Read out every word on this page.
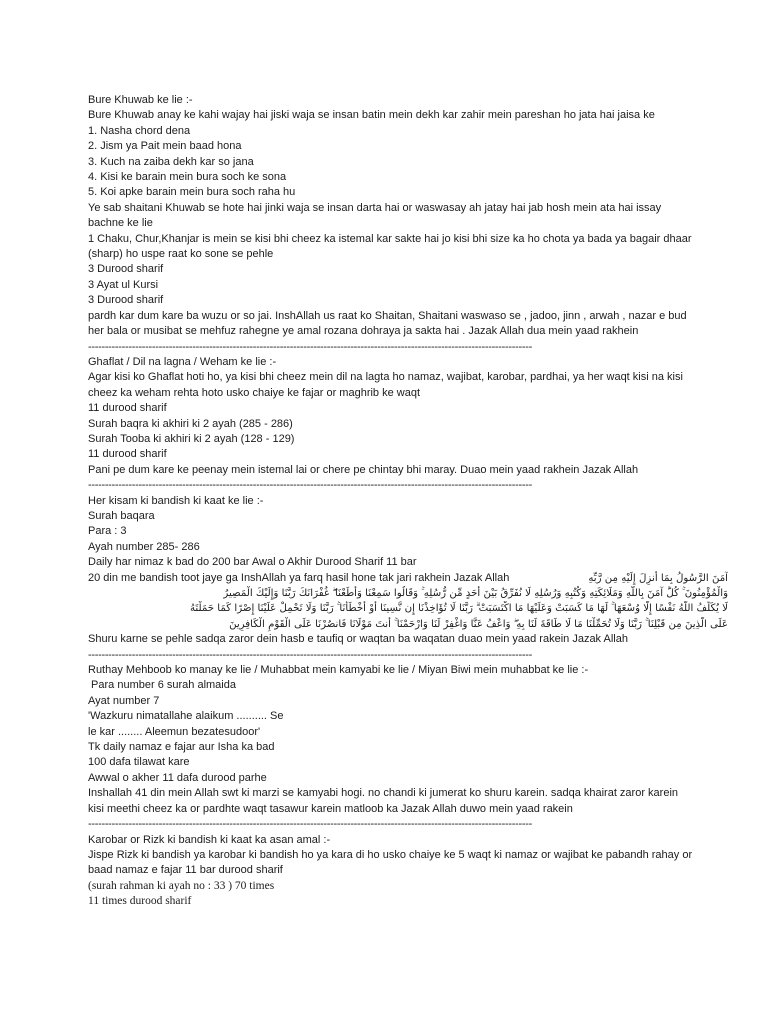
Bure Khuwab ke lie :-
Bure Khuwab anay ke kahi wajay hai jiski waja se insan batin mein dekh kar zahir mein pareshan ho jata hai jaisa ke
1. Nasha chord dena
2. Jism ya Pait mein baad hona
3. Kuch na zaiba dekh kar so jana
4. Kisi ke barain mein bura soch ke sona
5. Koi apke barain mein bura soch raha hu
Ye sab shaitani Khuwab se hote hai jinki waja se insan darta hai or waswasay ah jatay hai jab hosh mein ata hai issay
bachne ke lie
1 Chaku, Chur,Khanjar is mein se kisi bhi cheez ka istemal kar sakte hai jo kisi bhi size ka ho chota ya bada ya bagair dhaar
(sharp) ho uspe raat ko sone se pehle
3 Durood sharif
3 Ayat ul Kursi
3 Durood sharif
pardh kar dum kare ba wuzu or so jai. InshAllah us raat ko Shaitan, Shaitani waswaso se , jadoo, jinn , arwah , nazar e bud
her bala or musibat se mehfuz rahegne ye amal rozana dohraya ja sakta hai . Jazak Allah dua mein yaad rakhein
------------------------------------------------------------------------------------------------------------------------------------
Ghaflat / Dil na lagna / Weham ke lie :-
Agar kisi ko Ghaflat hoti ho, ya kisi bhi cheez mein dil na lagta ho namaz, wajibat, karobar, pardhai, ya her waqt kisi na kisi
cheez ka weham rehta hoto usko chaiye ke fajar or maghrib ke waqt
11 durood sharif
Surah baqra ki akhiri ki 2 ayah (285 - 286)
Surah Tooba ki akhiri ki 2 ayah (128 - 129)
11 durood sharif
Pani pe dum kare ke peenay mein istemal lai or chere pe chintay bhi maray. Duao mein yaad rakhein Jazak Allah
------------------------------------------------------------------------------------------------------------------------------------
Her kisam ki bandish ki kaat ke lie :-
Surah baqara
Para : 3
Ayah number 285- 286
Daily har nimaz k bad do 200 bar Awal o Akhir Durood Sharif 11 bar
20 din me bandish toot jaye ga InshAllah ya farq hasil hone tak jari rakhein Jazak Allah	آمَنَ الرَّسُولُ بِمَا أُنزِلَ إِلَيْهِ مِن رَّبِّهِ
وَالْمُؤْمِنُونَ ۚ كُلٌّ آمَنَ بِاللَّهِ وَمَلَائِكَتِهِ وَكُتُبِهِ وَرُسُلِهِ لَا نُفَرِّقُ بَيْنَ أَحَدٍ مِّن رُّسُلِهِ ۚ وَقَالُوا سَمِعْنَا وَأَطَعْنَا ۖ غُفْرَانَكَ رَبَّنَا وَإِلَيْكَ الْمَصِيرُ
لَا يُكَلِّفُ اللَّهُ نَفْسًا إِلَّا وُسْعَهَا ۚ لَهَا مَا كَسَبَتْ وَعَلَيْهَا مَا اكْتَسَبَتْ ۗ رَبَّنَا لَا تُؤَاخِذْنَا إِن نَّسِينَا أَوْ أَخْطَأْنَا ۚ رَبَّنَا وَلَا تَحْمِلْ عَلَيْنَا إِصْرًا كَمَا حَمَلْتَهُ
عَلَى الَّذِينَ مِن قَبْلِنَا ۚ رَبَّنَا وَلَا تُحَمِّلْنَا مَا لَا طَاقَةَ لَنَا بِهِ ۖ وَاعْفُ عَنَّا وَاغْفِرْ لَنَا وَارْحَمْنَا ۚ أَنتَ مَوْلَانَا فَانصُرْنَا عَلَى الْقَوْمِ الْكَافِرِينَ
Shuru karne se pehle sadqa zaror dein hasb e taufiq or waqtan ba waqatan duao mein yaad rakein Jazak Allah
------------------------------------------------------------------------------------------------------------------------------------
Ruthay Mehboob ko manay ke lie / Muhabbat mein kamyabi ke lie / Miyan Biwi mein muhabbat ke lie :-
Para number 6 surah almaida
Ayat number 7
'Wazkuru nimatallahe alaikum .......... Se
le kar ........ Aleemun bezatesudoor'
Tk daily namaz e fajar aur Isha ka bad
100 dafa tilawat kare
Awwal o akher 11 dafa durood parhe
Inshallah 41 din mein Allah swt ki marzi se kamyabi hogi. no chandi ki jumerat ko shuru karein. sadqa khairat zaror karein
kisi meethi cheez ka or pardhte waqt tasawur karein matloob ka Jazak Allah duwo mein yaad rakein
------------------------------------------------------------------------------------------------------------------------------------
Karobar or Rizk ki bandish ki kaat ka asan amal :-
Jispe Rizk ki bandish ya karobar ki bandish ho ya kara di ho usko chaiye ke 5 waqt ki namaz or wajibat ke pabandh rahay or
baad namaz e fajar 11 bar durood sharif
(surah rahman ki ayah no : 33 ) 70 times
11 times durood sharif
